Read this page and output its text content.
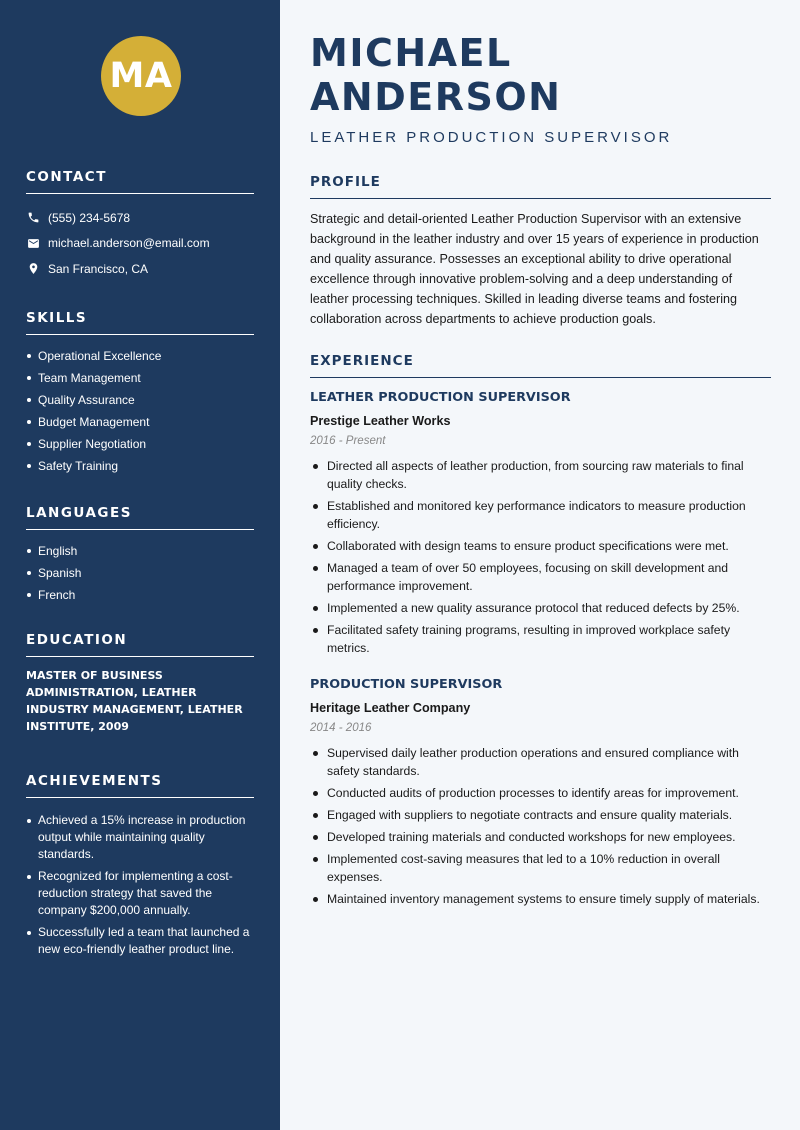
MA
CONTACT
(555) 234-5678
michael.anderson@email.com
San Francisco, CA
SKILLS
Operational Excellence
Team Management
Quality Assurance
Budget Management
Supplier Negotiation
Safety Training
LANGUAGES
English
Spanish
French
EDUCATION

MASTER OF BUSINESS ADMINISTRATION, LEATHER INDUSTRY MANAGEMENT, LEATHER INSTITUTE, 2009

ACHIEVEMENTS
Achieved a 15% increase in production output while maintaining quality standards.
Recognized for implementing a cost-reduction strategy that saved the company $200,000 annually.
Successfully led a team that launched a new eco-friendly leather product line.
MICHAEL ANDERSON
LEATHER PRODUCTION SUPERVISOR
PROFILE

Strategic and detail-oriented Leather Production Supervisor with an extensive background in the leather industry and over 15 years of experience in production and quality assurance. Possesses an exceptional ability to drive operational excellence through innovative problem-solving and a deep understanding of leather processing techniques. Skilled in leading diverse teams and fostering collaboration across departments to achieve production goals.

EXPERIENCE
LEATHER PRODUCTION SUPERVISOR
Prestige Leather Works
2016 - Present
Directed all aspects of leather production, from sourcing raw materials to final quality checks.
Established and monitored key performance indicators to measure production efficiency.
Collaborated with design teams to ensure product specifications were met.
Managed a team of over 50 employees, focusing on skill development and performance improvement.
Implemented a new quality assurance protocol that reduced defects by 25%.
Facilitated safety training programs, resulting in improved workplace safety metrics.
PRODUCTION SUPERVISOR
Heritage Leather Company
2014 - 2016
Supervised daily leather production operations and ensured compliance with safety standards.
Conducted audits of production processes to identify areas for improvement.
Engaged with suppliers to negotiate contracts and ensure quality materials.
Developed training materials and conducted workshops for new employees.
Implemented cost-saving measures that led to a 10% reduction in overall expenses.
Maintained inventory management systems to ensure timely supply of materials.
